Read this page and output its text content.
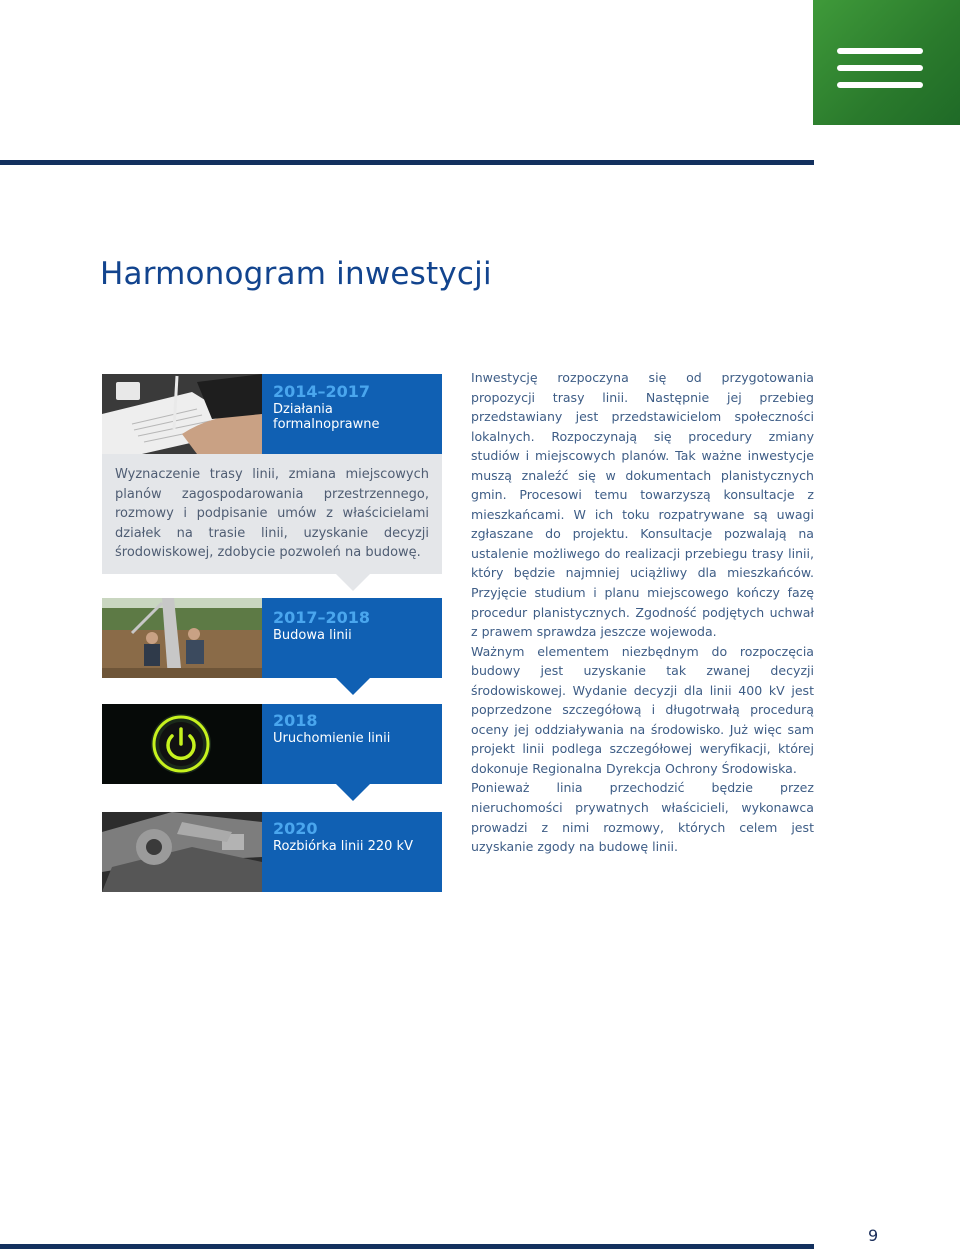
Harmonogram inwestycji
2014–2017
Działania formalnoprawne

Wyznaczenie trasy linii, zmiana miejscowych planów zagospodarowania przestrzennego, rozmowy i podpisanie umów z właścicielami działek na trasie linii, uzyskanie decyzji środowiskowej, zdobycie pozwoleń na budowę.

2017–2018
Budowa linii
2018
Uruchomienie linii
2020
Rozbiórka linii 220 kV

Inwestycję rozpoczyna się od przygotowania propozycji trasy linii. Następnie jej przebieg przedstawiany jest przedstawicielom społeczności lokalnych. Rozpoczynają się procedury zmiany studiów i miejscowych planów. Tak ważne inwestycje muszą znaleźć się w dokumentach planistycznych gmin. Procesowi temu towarzyszą konsultacje z mieszkańcami. W ich toku rozpatrywane są uwagi zgłaszane do projektu. Konsultacje pozwalają na ustalenie możliwego do realizacji przebiegu trasy linii, który będzie najmniej uciążliwy dla mieszkańców. Przyjęcie studium i planu miejscowego kończy fazę procedur planistycznych. Zgodność podjętych uchwał z prawem sprawdza jeszcze wojewoda.

Ważnym elementem niezbędnym do rozpoczęcia budowy jest uzyskanie tak zwanej decyzji środowiskowej. Wydanie decyzji dla linii 400 kV jest poprzedzone szczegółową i długotrwałą procedurą oceny jej oddziaływania na środowisko. Już więc sam projekt linii podlega szczegółowej weryfikacji, której dokonuje Regionalna Dyrekcja Ochrony Środowiska.

Ponieważ linia przechodzić będzie przez nieruchomości prywatnych właścicieli, wykonawca prowadzi z nimi rozmowy, których celem jest uzyskanie zgody na budowę linii.

9
